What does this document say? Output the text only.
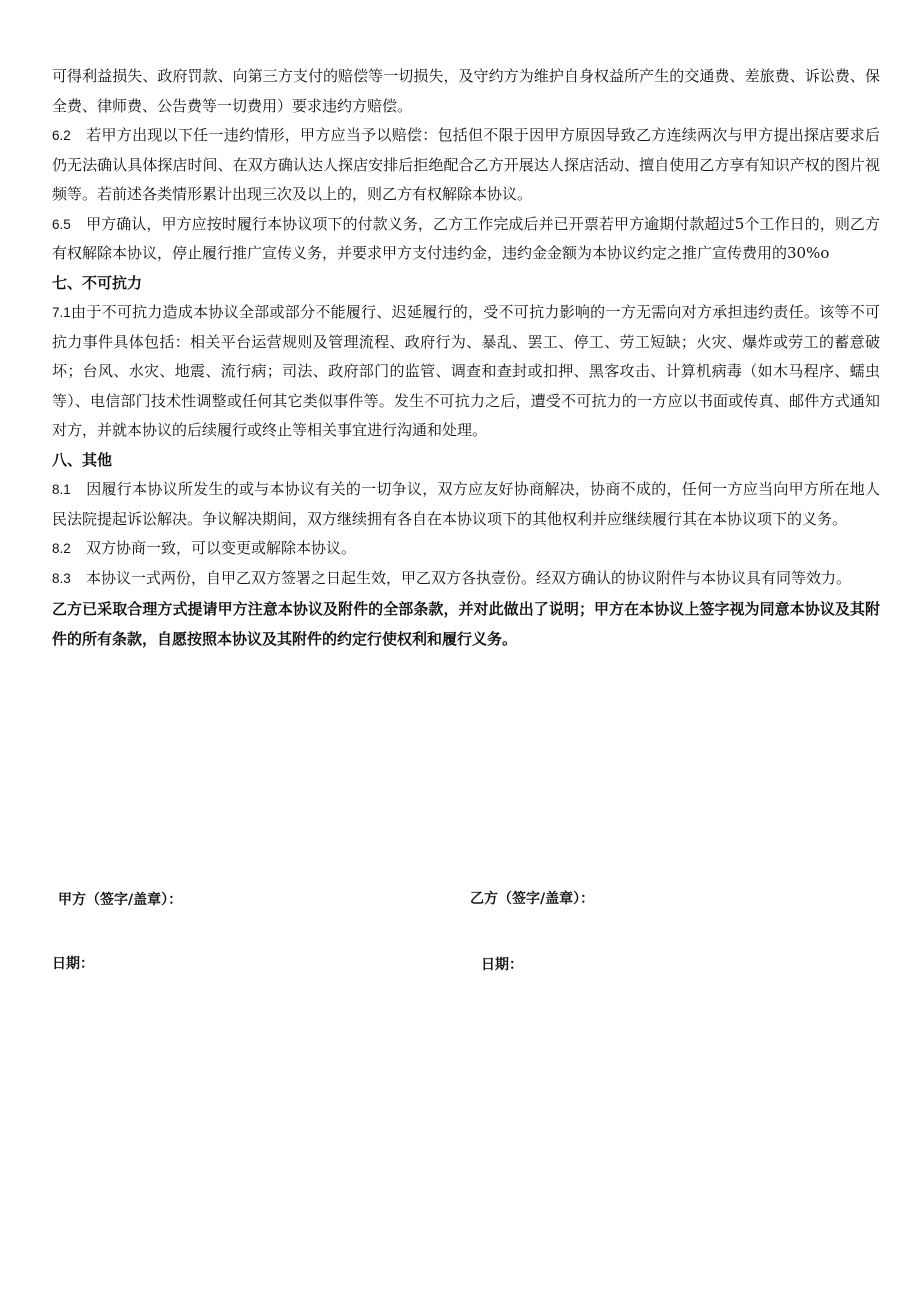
可得利益损失、政府罚款、向第三方支付的赔偿等一切损失，及守约方为维护自身权益所产生的交通费、差旅费、诉讼费、保全费、律师费、公告费等一切费用）要求违约方赔偿。

6.2 若甲方出现以下任一违约情形，甲方应当予以赔偿：包括但不限于因甲方原因导致乙方连续两次与甲方提出探店要求后仍无法确认具体探店时间、在双方确认达人探店安排后拒绝配合乙方开展达人探店活动、擅自使用乙方享有知识产权的图片视频等。若前述各类情形累计出现三次及以上的，则乙方有权解除本协议。

6.5 甲方确认，甲方应按时履行本协议项下的付款义务，乙方工作完成后并已开票若甲方逾期付款超过5个工作日的，则乙方有权解除本协议，停止履行推广宣传义务，并要求甲方支付违约金，违约金金额为本协议约定之推广宣传费用的30%o

七、不可抗力

7.1由于不可抗力造成本协议全部或部分不能履行、迟延履行的，受不可抗力影响的一方无需向对方承担违约责任。该等不可抗力事件具体包括：相关平台运营规则及管理流程、政府行为、暴乱、罢工、停工、劳工短缺；火灾、爆炸或劳工的蓄意破坏；台风、水灾、地震、流行病；司法、政府部门的监管、调查和查封或扣押、黑客攻击、计算机病毒（如木马程序、蠕虫等）、电信部门技术性调整或任何其它类似事件等。发生不可抗力之后，遭受不可抗力的一方应以书面或传真、邮件方式通知对方，并就本协议的后续履行或终止等相关事宜进行沟通和处理。

八、其他

8.1 因履行本协议所发生的或与本协议有关的一切争议，双方应友好协商解决，协商不成的，任何一方应当向甲方所在地人民法院提起诉讼解决。争议解决期间，双方继续拥有各自在本协议项下的其他权利并应继续履行其在本协议项下的义务。

8.2 双方协商一致，可以变更或解除本协议。

8.3 本协议一式两份，自甲乙双方签署之日起生效，甲乙双方各执壹份。经双方确认的协议附件与本协议具有同等效力。

乙方已采取合理方式提请甲方注意本协议及附件的全部条款，并对此做出了说明；甲方在本协议上签字视为同意本协议及其附件的所有条款，自愿按照本协议及其附件的约定行使权利和履行义务。

甲方（签字/盖章）：	乙方（签字/盖章）：
日期：	日期：
